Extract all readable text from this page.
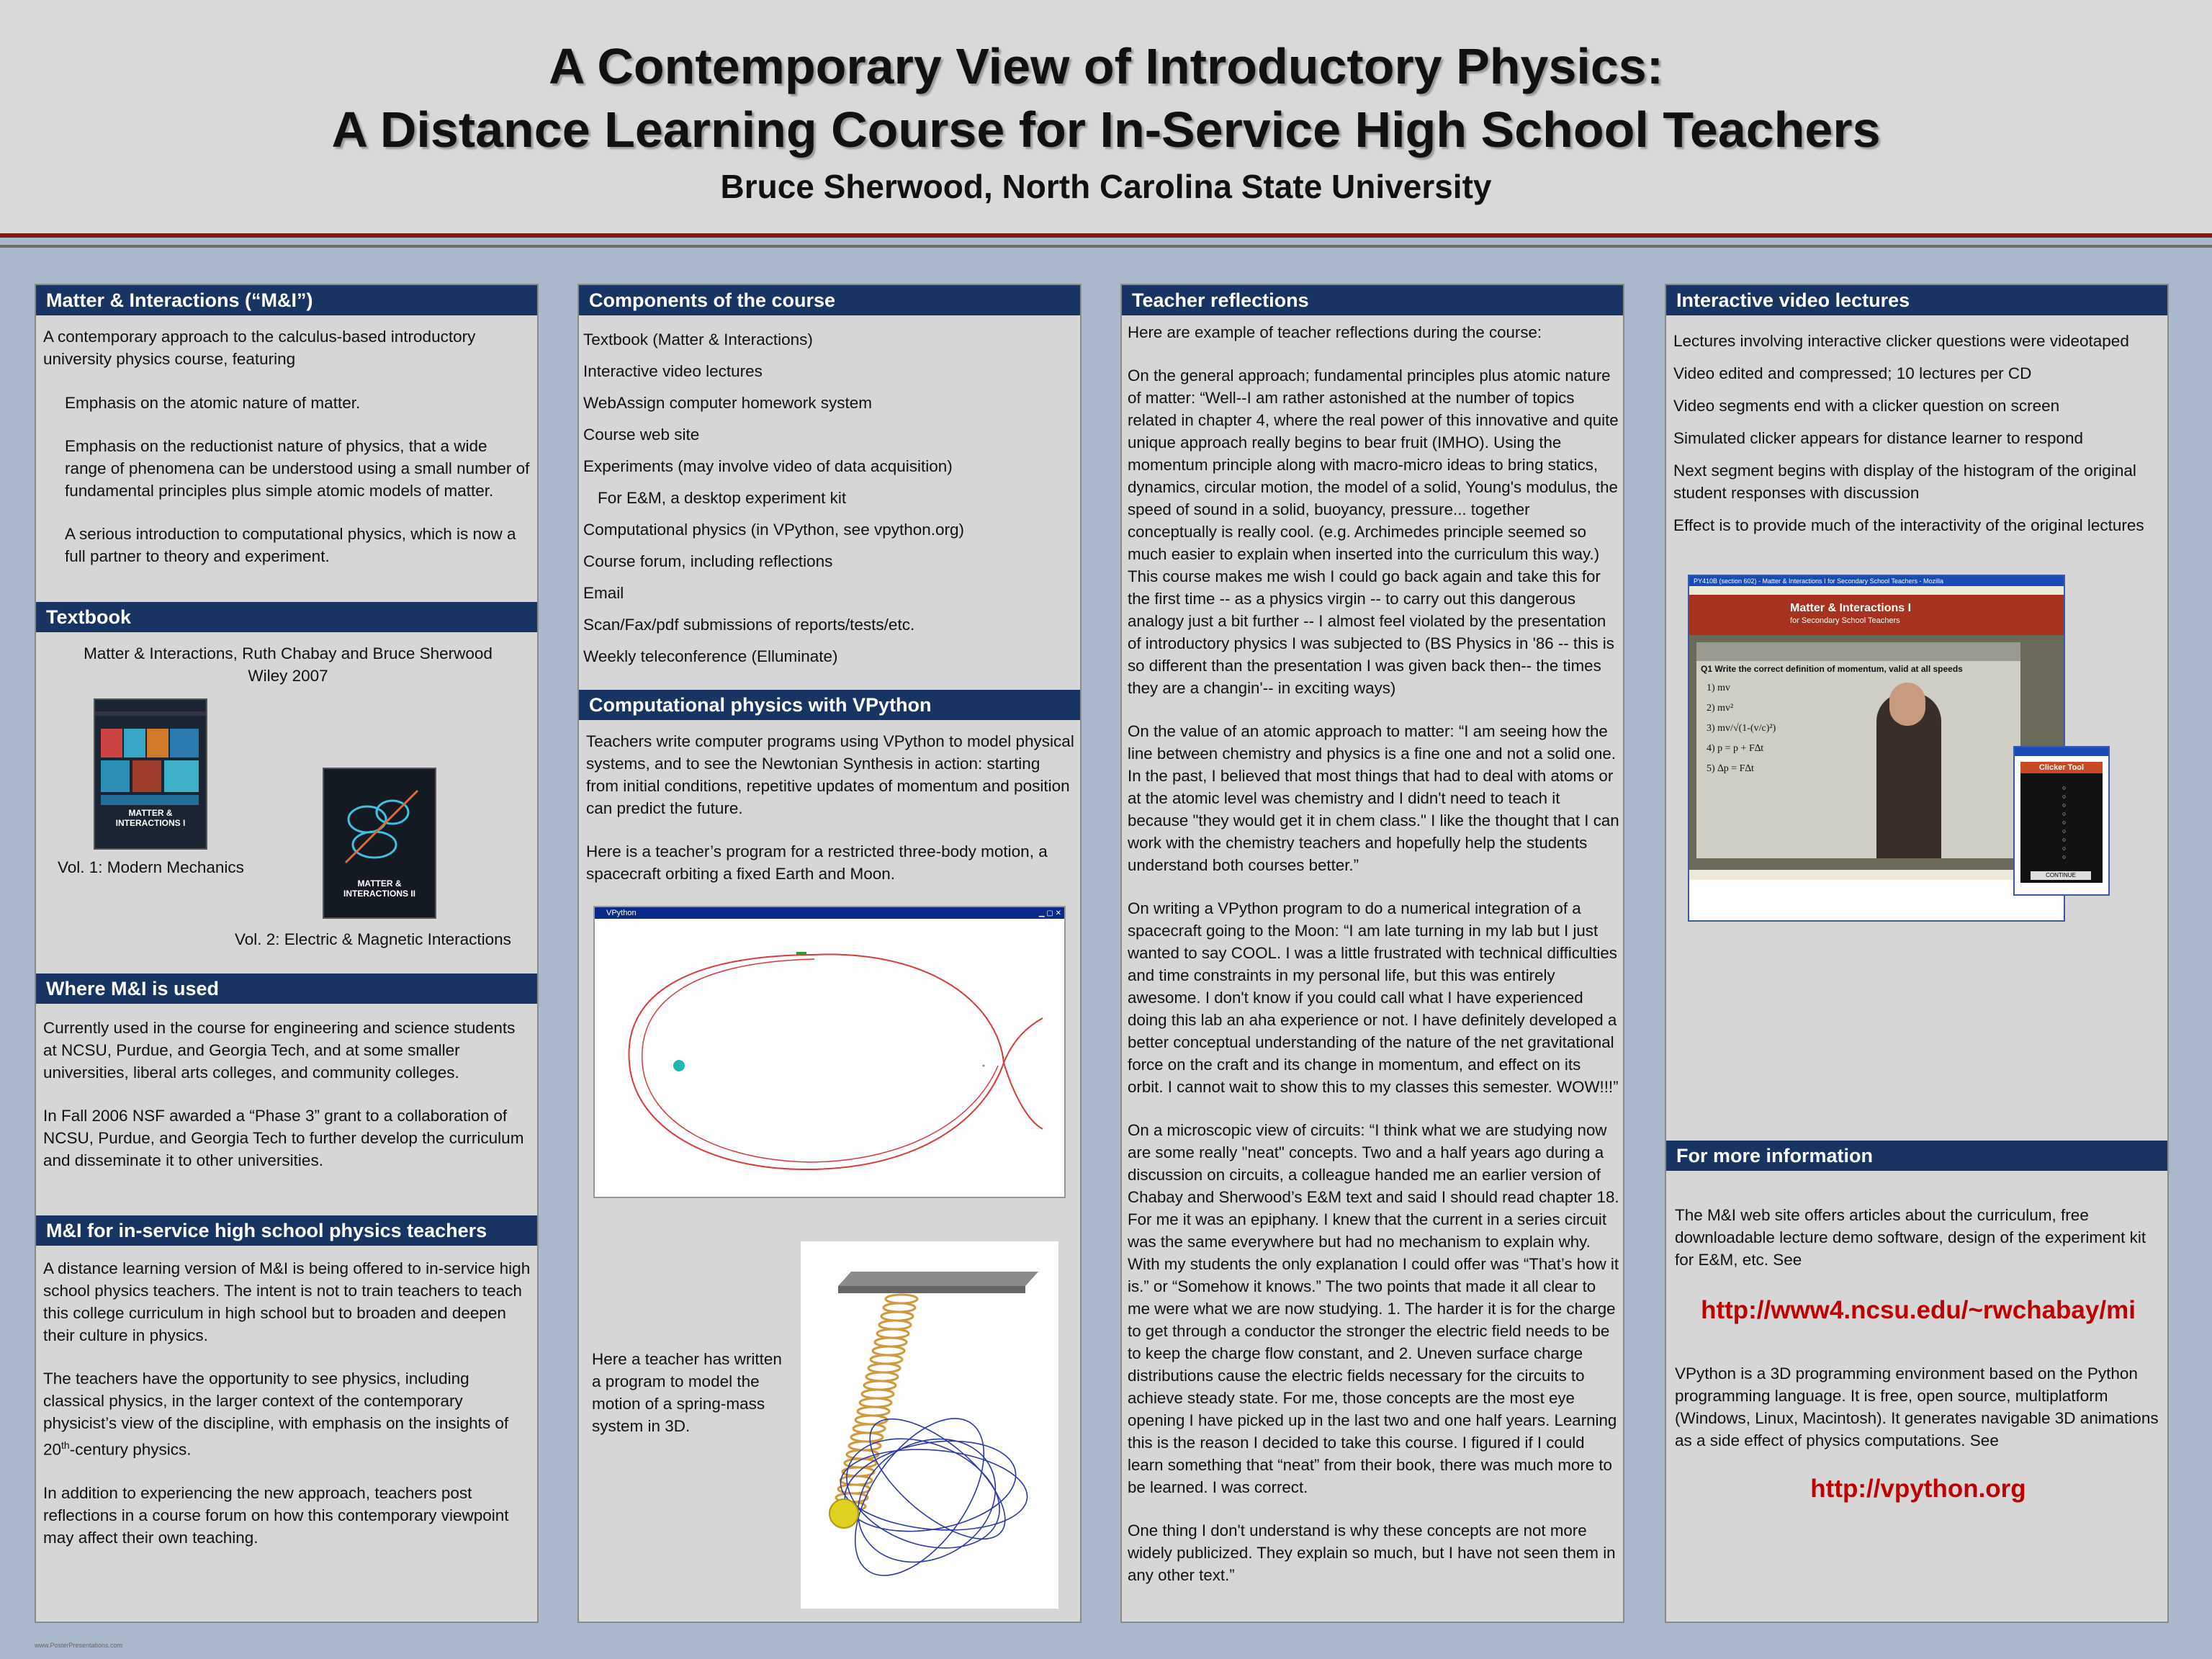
A Contemporary View of Introductory Physics:
A Distance Learning Course for In-Service High School Teachers
Bruce Sherwood, North Carolina State University
Matter & Interactions (“M&I”)

A contemporary approach to the calculus-based introductory university physics course, featuring

Emphasis on the atomic nature of matter.

Emphasis on the reductionist nature of physics, that a wide range of phenomena can be understood using a small number of fundamental principles plus simple atomic models of matter.

A serious introduction to computational physics, which is now a full partner to theory and experiment.

Textbook
Matter & Interactions, Ruth Chabay and Bruce Sherwood
Wiley 2007
MATTER & INTERACTIONS I
MATTER & INTERACTIONS II
Vol. 1: Modern Mechanics
Vol. 2: Electric & Magnetic Interactions
Where M&I is used

Currently used in the course for engineering and science students at NCSU, Purdue, and Georgia Tech, and at some smaller universities, liberal arts colleges, and community colleges.

In Fall 2006 NSF awarded a “Phase 3” grant to a collaboration of NCSU, Purdue, and Georgia Tech to further develop the curriculum and disseminate it to other universities.

M&I for in-service high school physics teachers

A distance learning version of M&I is being offered to in-service high school physics teachers. The intent is not to train teachers to teach this college curriculum in high school but to broaden and deepen their culture in physics.

The teachers have the opportunity to see physics, including classical physics, in the larger context of the contemporary physicist’s view of the discipline, with emphasis on the insights of 20th-century physics.

In addition to experiencing the new approach, teachers post reflections in a course forum on how this contemporary viewpoint may affect their own teaching.

Components of the course
Textbook (Matter & Interactions)
Interactive video lectures
WebAssign computer homework system
Course web site
Experiments (may involve video of data acquisition)
For E&M, a desktop experiment kit
Computational physics (in VPython, see vpython.org)
Course forum, including reflections
Email
Scan/Fax/pdf submissions of reports/tests/etc.
Weekly teleconference (Elluminate)
Computational physics with VPython

Teachers write computer programs using VPython to model physical systems, and to see the Newtonian Synthesis in action: starting from initial conditions, repetitive updates of momentum and position can predict the future.

Here is a teacher’s program for a restricted three-body motion, a spacecraft orbiting a fixed Earth and Moon.

VPython	▁ ▢ ✕
Here a teacher has written a program to model the motion of a spring-mass system in 3D.
Teacher reflections

Here are example of teacher reflections during the course:

On the general approach; fundamental principles plus atomic nature of matter: “Well--I am rather astonished at the number of topics related in chapter 4, where the real power of this innovative and quite unique approach really begins to bear fruit (IMHO). Using the momentum principle along with macro-micro ideas to bring statics, dynamics, circular motion, the model of a solid, Young's modulus, the speed of sound in a solid, buoyancy, pressure... together conceptually is really cool. (e.g. Archimedes principle seemed so much easier to explain when inserted into the curriculum this way.) This course makes me wish I could go back again and take this for the first time -- as a physics virgin -- to carry out this dangerous analogy just a bit further -- I almost feel violated by the presentation of introductory physics I was subjected to (BS Physics in '86 -- this is so different than the presentation I was given back then-- the times they are a changin'-- in exciting ways)

On the value of an atomic approach to matter: “I am seeing how the line between chemistry and physics is a fine one and not a solid one. In the past, I believed that most things that had to deal with atoms or at the atomic level was chemistry and I didn't need to teach it because "they would get it in chem class." I like the thought that I can work with the chemistry teachers and hopefully help the students understand both courses better.”

On writing a VPython program to do a numerical integration of a spacecraft going to the Moon: “I am late turning in my lab but I just wanted to say COOL. I was a little frustrated with technical difficulties and time constraints in my personal life, but this was entirely awesome. I don't know if you could call what I have experienced doing this lab an aha experience or not. I have definitely developed a better conceptual understanding of the nature of the net gravitational force on the craft and its change in momentum, and effect on its orbit. I cannot wait to show this to my classes this semester. WOW!!!”

On a microscopic view of circuits: “I think what we are studying now are some really "neat" concepts. Two and a half years ago during a discussion on circuits, a colleague handed me an earlier version of Chabay and Sherwood’s E&M text and said I should read chapter 18. For me it was an epiphany. I knew that the current in a series circuit was the same everywhere but had no mechanism to explain why. With my students the only explanation I could offer was “That’s how it is.” or “Somehow it knows.” The two points that made it all clear to me were what we are now studying. 1. The harder it is for the charge to get through a conductor the stronger the electric field needs to be to keep the charge flow constant, and 2. Uneven surface charge distributions cause the electric fields necessary for the circuits to achieve steady state. For me, those concepts are the most eye opening I have picked up in the last two and one half years. Learning this is the reason I decided to take this course. I figured if I could learn something that “neat” from their book, there was much more to be learned. I was correct.

One thing I don't understand is why these concepts are not more widely publicized. They explain so much, but I have not seen them in any other text.”

Interactive video lectures
Lectures involving interactive clicker questions were videotaped
Video edited and compressed; 10 lectures per CD
Video segments end with a clicker question on screen
Simulated clicker appears for distance learner to respond
Next segment begins with display of the histogram of the original student responses with discussion
Effect is to provide much of the interactivity of the original lectures
PY410B (section 602) - Matter & Interactions I for Secondary School Teachers - Mozilla
Matter & Interactions I
for Secondary School Teachers
Q1 Write the correct definition of momentum, valid at all speeds
1) mv
2) mv²
3) mv/√(1-(v/c)²)
4) p = p + F∆t
5) ∆p = F∆t	Clicker Tool
○
○
○
○
○
○
○
○
○
CONTINUE
For more information
The M&I web site offers articles about the curriculum, free downloadable lecture demo software, design of the experiment kit for E&M, etc. See
http://www4.ncsu.edu/~rwchabay/mi
VPython is a 3D programming environment based on the Python programming language. It is free, open source, multiplatform (Windows, Linux, Macintosh). It generates navigable 3D animations as a side effect of physics computations. See
http://vpython.org
www.PosterPresentations.com
